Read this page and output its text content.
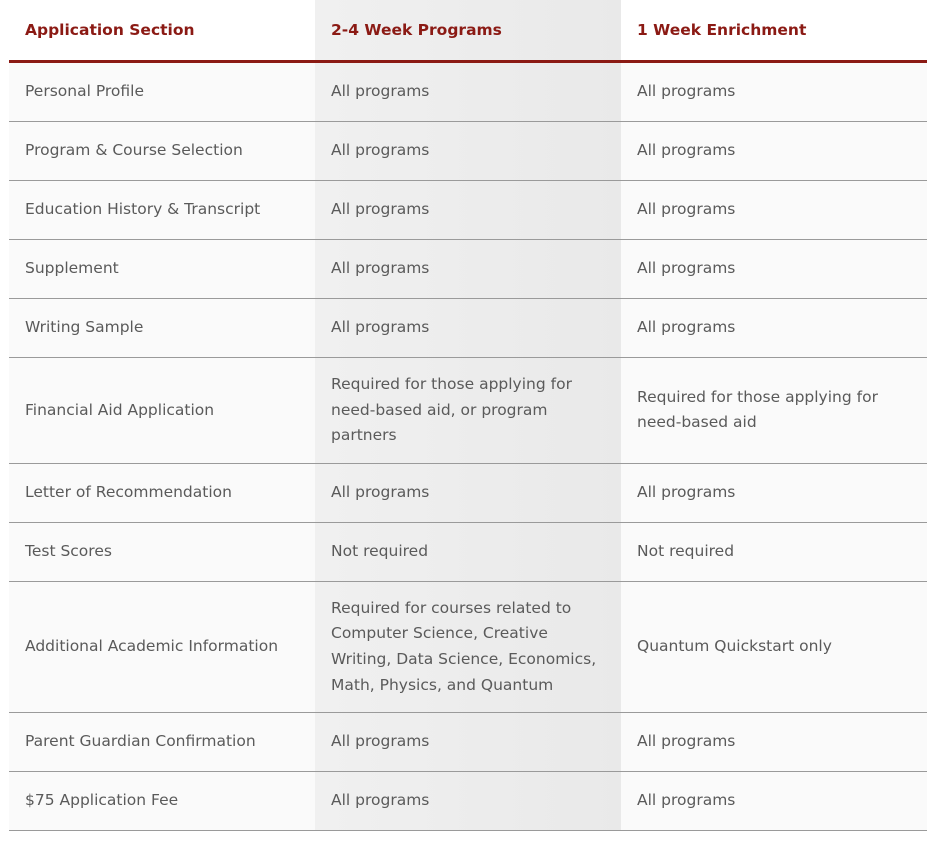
Application Section	2-4 Week Programs	1 Week Enrichment
Personal Profile	All programs	All programs
Program & Course Selection	All programs	All programs
Education History & Transcript	All programs	All programs
Supplement	All programs	All programs
Writing Sample	All programs	All programs
Financial Aid Application	Required for those applying for need-based aid, or program partners	Required for those applying for need-based aid
Letter of Recommendation	All programs	All programs
Test Scores	Not required	Not required
Additional Academic Information	Required for courses related to Computer Science, Creative Writing, Data Science, Economics, Math, Physics, and Quantum	Quantum Quickstart only
Parent Guardian Confirmation	All programs	All programs
$75 Application Fee	All programs	All programs
